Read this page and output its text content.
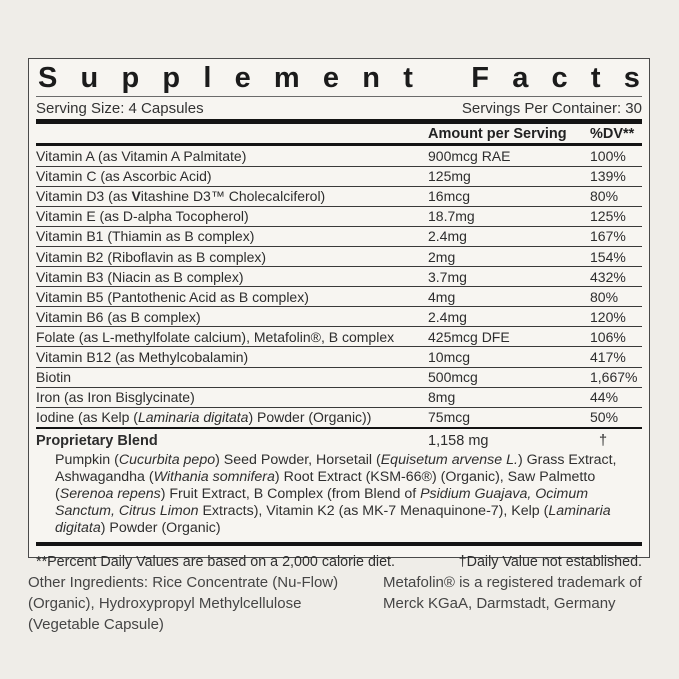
S u p p l e m e n t F a c t s
Serving Size: 4 Capsules	Servings Per Container: 30
Amount per Serving	%DV**
Vitamin A (as Vitamin A Palmitate)	900mcg RAE	100%
Vitamin C (as Ascorbic Acid)	125mg	139%
Vitamin D3 (as Vitashine D3™ Cholecalciferol)	16mcg	80%
Vitamin E (as D-alpha Tocopherol)	18.7mg	125%
Vitamin B1 (Thiamin as B complex)	2.4mg	167%
Vitamin B2 (Riboflavin as B complex)	2mg	154%
Vitamin B3 (Niacin as B complex)	3.7mg	432%
Vitamin B5 (Pantothenic Acid as B complex)	4mg	80%
Vitamin B6 (as B complex)	2.4mg	120%
Folate (as L-methylfolate calcium), Metafolin®, B complex	425mcg DFE	106%
Vitamin B12 (as Methylcobalamin)	10mcg	417%
Biotin	500mcg	1,667%
Iron (as Iron Bisglycinate)	8mg	44%
Iodine (as Kelp (Laminaria digitata) Powder (Organic))	75mcg	50%
Proprietary Blend	1,158 mg	†
Pumpkin (Cucurbita pepo) Seed Powder, Horsetail (Equisetum arvense L.) Grass Extract, Ashwagandha (Withania somnifera) Root Extract (KSM-66®) (Organic), Saw Palmetto (Serenoa repens) Fruit Extract, B Complex (from Blend of Psidium Guajava, Ocimum Sanctum, Citrus Limon Extracts), Vitamin K2 (as MK-7 Menaquinone-7), Kelp (Laminaria digitata) Powder (Organic)
**Percent Daily Values are based on a 2,000 calorie diet.	†Daily Value not established.
Other Ingredients: Rice Concentrate (Nu-Flow) (Organic), Hydroxypropyl Methylcellulose (Vegetable Capsule)
Metafolin® is a registered trademark of Merck KGaA, Darmstadt, Germany
